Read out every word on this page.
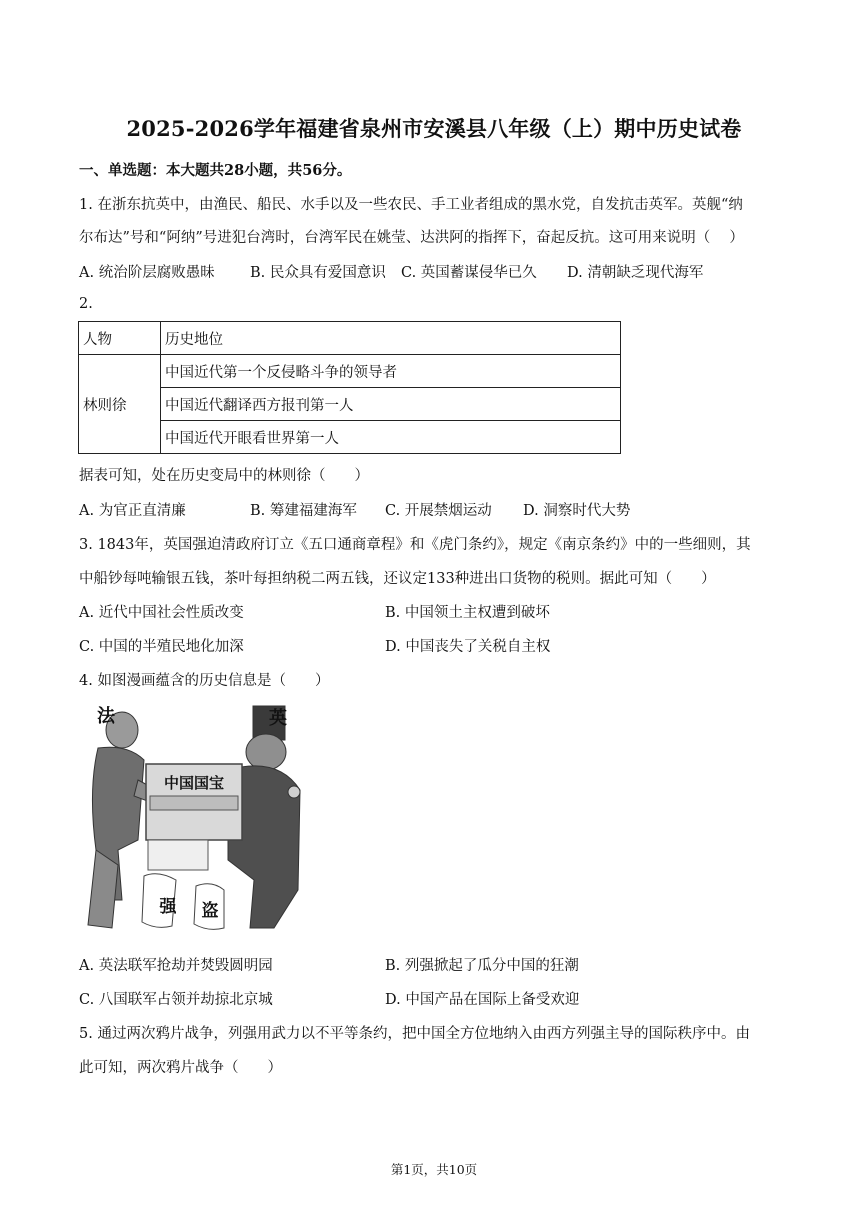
2025-2026学年福建省泉州市安溪县八年级（上）期中历史试卷
一、单选题：本大题共28小题，共56分。
1. 在浙东抗英中，由渔民、船民、水手以及一些农民、手工业者组成的黑水党，自发抗击英军。英舰“纳
尔布达”号和“阿纳”号进犯台湾时，台湾军民在姚莹、达洪阿的指挥下，奋起反抗。这可用来说明（　 ）
A. 统治阶层腐败愚昧 B. 民众具有爱国意识 C. 英国蓄谋侵华已久 D. 清朝缺乏现代海军
2.
人物	历史地位
林则徐	中国近代第一个反侵略斗争的领导者
	中国近代翻译西方报刊第一人
	中国近代开眼看世界第一人
据表可知，处在历史变局中的林则徐（　　）
A. 为官正直清廉	B. 筹建福建海军 C. 开展禁烟运动 D. 洞察时代大势
3. 1843年，英国强迫清政府订立《五口通商章程》和《虎门条约》，规定《南京条约》中的一些细则，其
中船钞每吨输银五钱，茶叶每担纳税二两五钱，还议定133种进出口货物的税则。据此可知（　　）
A. 近代中国社会性质改变	B. 中国领土主权遭到破坏
C. 中国的半殖民地化加深	D. 中国丧失了关税自主权
4. 如图漫画蕴含的历史信息是（　　）
法	英
中国国宝
强 盗
A. 英法联军抢劫并焚毁圆明园	B. 列强掀起了瓜分中国的狂潮
C. 八国联军占领并劫掠北京城	D. 中国产品在国际上备受欢迎
5. 通过两次鸦片战争，列强用武力以不平等条约，把中国全方位地纳入由西方列强主导的国际秩序中。由
此可知，两次鸦片战争（　　）
第1页，共10页
